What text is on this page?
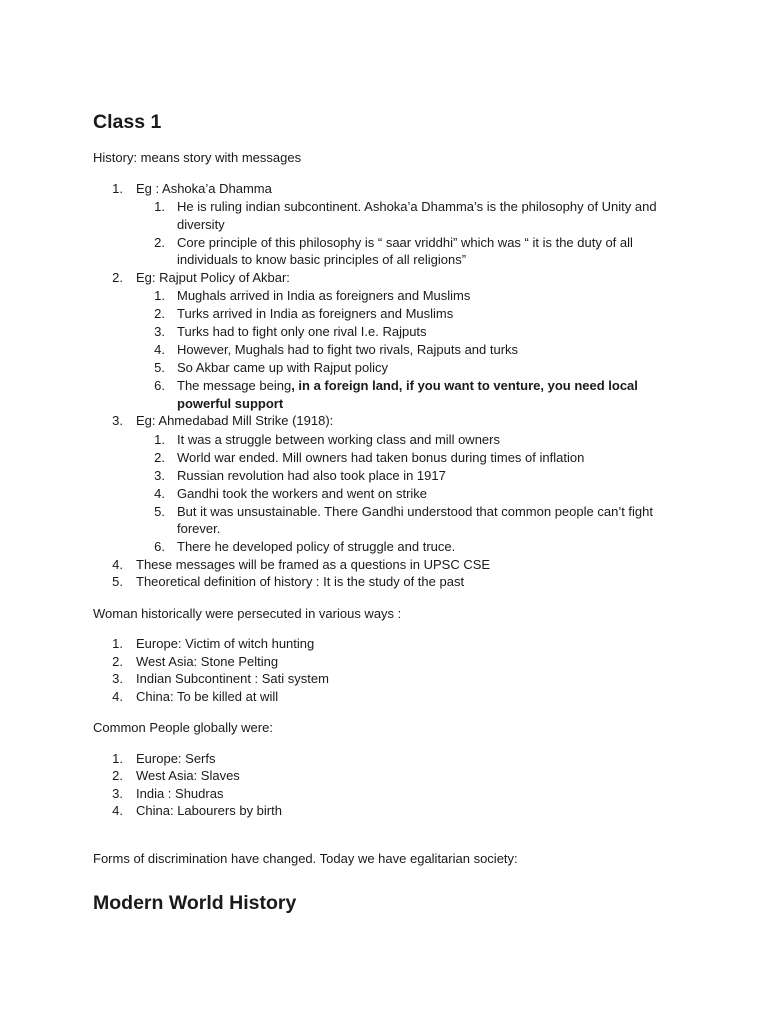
Class 1

History: means story with messages

1. Eg : Ashoka’a Dhamma
1. He is ruling indian subcontinent. Ashoka’a Dhamma’s is the philosophy of Unity and diversity
2. Core principle of this philosophy is “ saar vriddhi” which was “ it is the duty of all individuals to know basic principles of all religions”
2. Eg: Rajput Policy of Akbar:
1. Mughals arrived in India as foreigners and Muslims
2. Turks arrived in India as foreigners and Muslims
3. Turks had to fight only one rival I.e. Rajputs
4. However, Mughals had to fight two rivals, Rajputs and turks
5. So Akbar came up with Rajput policy
6. The message being, in a foreign land, if you want to venture, you need local powerful support
3. Eg: Ahmedabad Mill Strike (1918):
1. It was a struggle between working class and mill owners
2. World war ended. Mill owners had taken bonus during times of inflation
3. Russian revolution had also took place in 1917
4. Gandhi took the workers and went on strike
5. But it was unsustainable. There Gandhi understood that common people can’t fight forever.
6. There he developed policy of struggle and truce.
4. These messages will be framed as a questions in UPSC CSE
5. Theoretical definition of history : It is the study of the past

Woman historically were persecuted in various ways :

1. Europe: Victim of witch hunting
2. West Asia: Stone Pelting
3. Indian Subcontinent : Sati system
4. China: To be killed at will

Common People globally were:

1. Europe: Serfs
2. West Asia: Slaves
3. India : Shudras
4. China: Labourers by birth

Forms of discrimination have changed. Today we have egalitarian society:

Modern World History
